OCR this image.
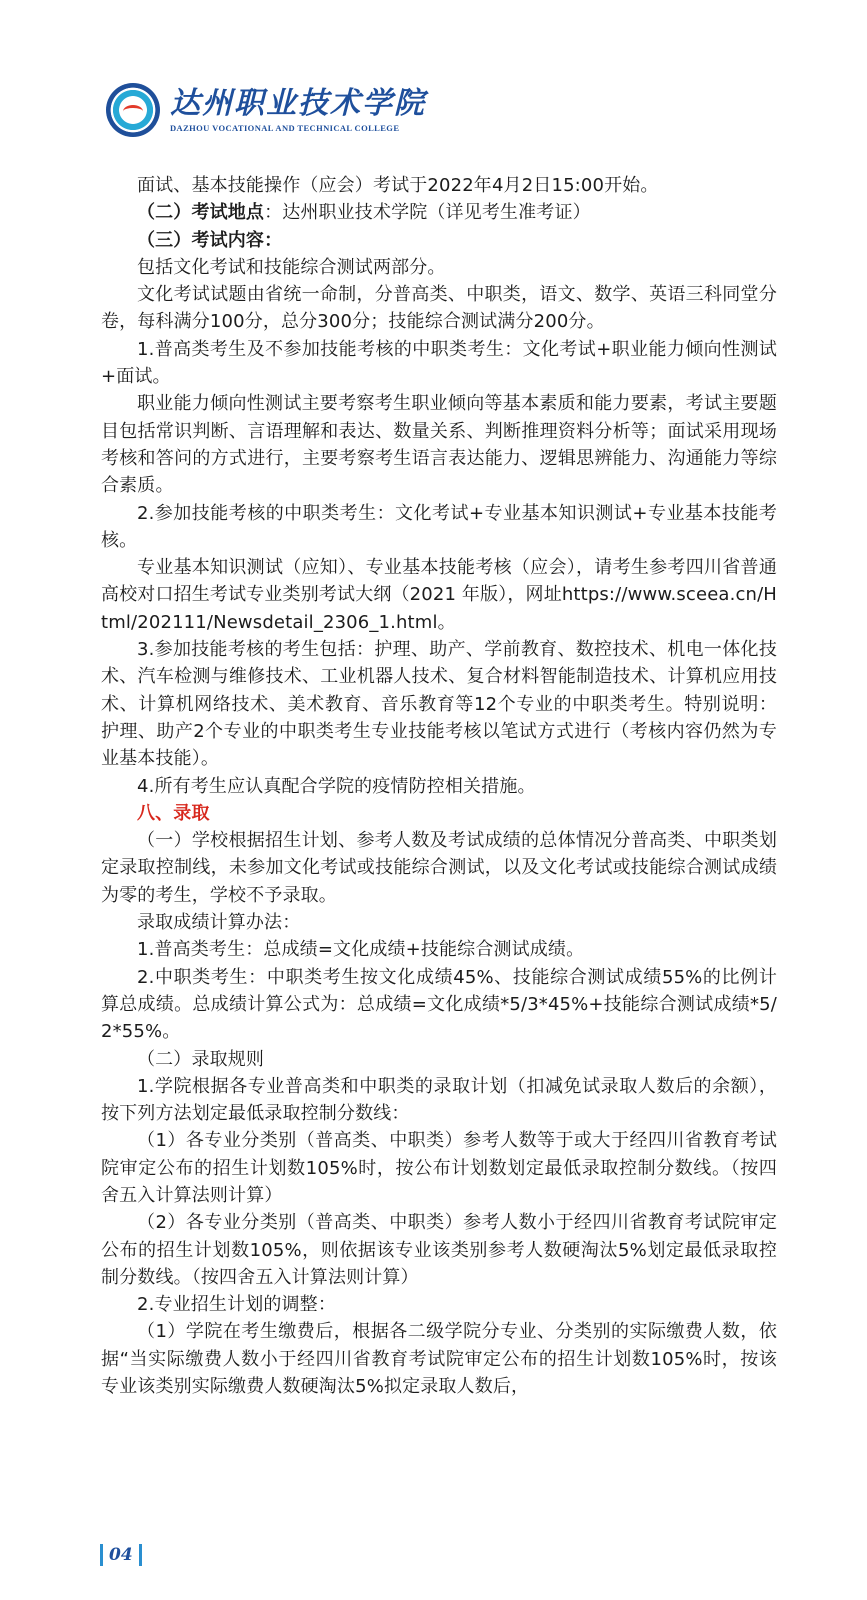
达州职业技术学院
DAZHOU VOCATIONAL AND TECHNICAL COLLEGE

面试、基本技能操作（应会）考试于2022年4月2日15:00开始。

（二）考试地点：达州职业技术学院（详见考生准考证）

（三）考试内容：

包括文化考试和技能综合测试两部分。

文化考试试题由省统一命制，分普高类、中职类，语文、数学、英语三科同堂分卷，每科满分100分，总分300分；技能综合测试满分200分。

1.普高类考生及不参加技能考核的中职类考生：文化考试+职业能力倾向性测试+面试。

职业能力倾向性测试主要考察考生职业倾向等基本素质和能力要素，考试主要题目包括常识判断、言语理解和表达、数量关系、判断推理资料分析等；面试采用现场考核和答问的方式进行，主要考察考生语言表达能力、逻辑思辨能力、沟通能力等综合素质。

2.参加技能考核的中职类考生：文化考试+专业基本知识测试+专业基本技能考核。

专业基本知识测试（应知）、专业基本技能考核（应会），请考生参考四川省普通高校对口招生考试专业类别考试大纲（2021 年版），网址https://www.sceea.cn/Html/202111/Newsdetail_2306_1.html。

3.参加技能考核的考生包括：护理、助产、学前教育、数控技术、机电一体化技术、汽车检测与维修技术、工业机器人技术、复合材料智能制造技术、计算机应用技术、计算机网络技术、美术教育、音乐教育等12个专业的中职类考生。特别说明：护理、助产2个专业的中职类考生专业技能考核以笔试方式进行（考核内容仍然为专业基本技能）。

4.所有考生应认真配合学院的疫情防控相关措施。

八、录取

（一）学校根据招生计划、参考人数及考试成绩的总体情况分普高类、中职类划定录取控制线，未参加文化考试或技能综合测试，以及文化考试或技能综合测试成绩为零的考生，学校不予录取。

录取成绩计算办法：

1.普高类考生：总成绩=文化成绩+技能综合测试成绩。

2.中职类考生：中职类考生按文化成绩45%、技能综合测试成绩55%的比例计算总成绩。总成绩计算公式为：总成绩=文化成绩*5/3*45%+技能综合测试成绩*5/2*55%。

（二）录取规则

1.学院根据各专业普高类和中职类的录取计划（扣减免试录取人数后的余额），按下列方法划定最低录取控制分数线：

（1）各专业分类别（普高类、中职类）参考人数等于或大于经四川省教育考试院审定公布的招生计划数105%时，按公布计划数划定最低录取控制分数线。（按四舍五入计算法则计算）

（2）各专业分类别（普高类、中职类）参考人数小于经四川省教育考试院审定公布的招生计划数105%，则依据该专业该类别参考人数硬淘汰5%划定最低录取控制分数线。（按四舍五入计算法则计算）

2.专业招生计划的调整：

（1）学院在考生缴费后，根据各二级学院分专业、分类别的实际缴费人数，依据“当实际缴费人数小于经四川省教育考试院审定公布的招生计划数105%时，按该专业该类别实际缴费人数硬淘汰5%拟定录取人数后，

04
